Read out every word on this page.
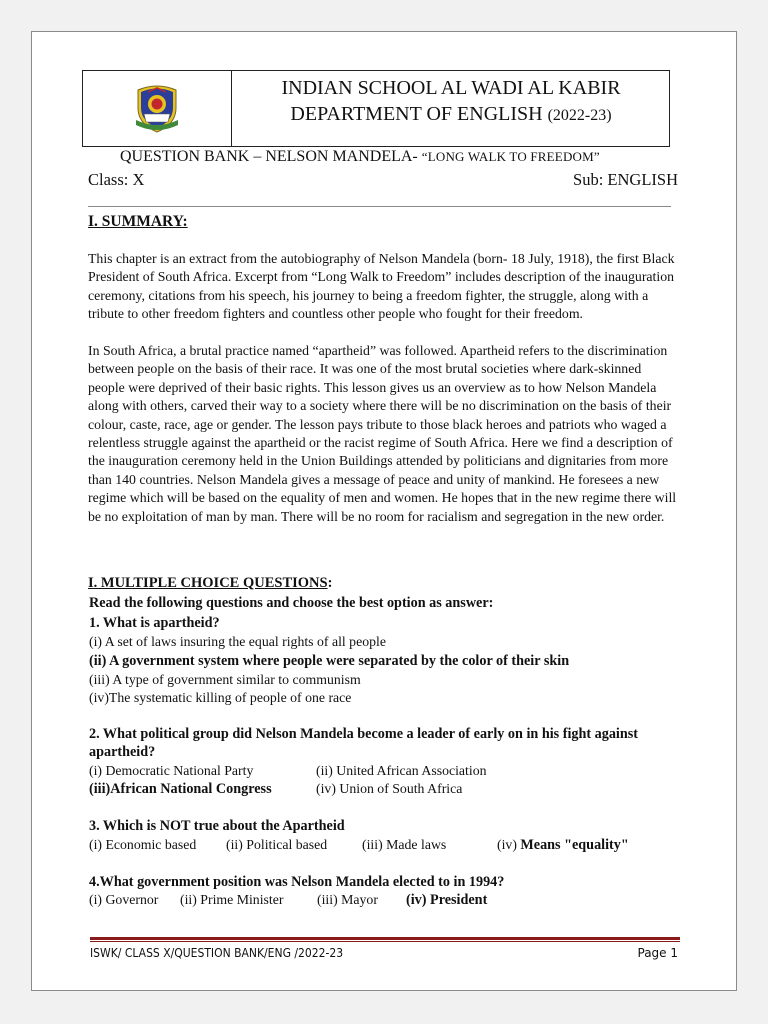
INDIAN SCHOOL AL WADI AL KABIR
DEPARTMENT OF ENGLISH (2022-23)
QUESTION BANK – NELSON MANDELA- “LONG WALK TO FREEDOM”
Class: X	Sub: ENGLISH
I. SUMMARY:

This chapter is an extract from the autobiography of Nelson Mandela (born- 18 July, 1918), the first Black President of South Africa. Excerpt from “Long Walk to Freedom” includes description of the inauguration ceremony, citations from his speech, his journey to being a freedom fighter, the struggle, along with a tribute to other freedom fighters and countless other people who fought for their freedom.

In South Africa, a brutal practice named “apartheid” was followed. Apartheid refers to the discrimination between people on the basis of their race. It was one of the most brutal societies where dark-skinned people were deprived of their basic rights. This lesson gives us an overview as to how Nelson Mandela along with others, carved their way to a society where there will be no discrimination on the basis of their colour, caste, race, age or gender. The lesson pays tribute to those black heroes and patriots who waged a relentless struggle against the apartheid or the racist regime of South Africa. Here we find a description of the inauguration ceremony held in the Union Buildings attended by politicians and dignitaries from more than 140 countries. Nelson Mandela gives a message of peace and unity of mankind. He foresees a new regime which will be based on the equality of men and women. He hopes that in the new regime there will be no exploitation of man by man. There will be no room for racialism and segregation in the new order.

I. MULTIPLE CHOICE QUESTIONS:
Read the following questions and choose the best option as answer:
1. What is apartheid?
(i) A set of laws insuring the equal rights of all people
(ii) A government system where people were separated by the color of their skin
(iii) A type of government similar to communism
(iv)The systematic killing of people of one race
2. What political group did Nelson Mandela become a leader of early on in his fight against
apartheid?
(i) Democratic National Party	(ii) United African Association
(iii)African National Congress	(iv) Union of South Africa
3. Which is NOT true about the Apartheid
(i) Economic based (ii) Political based	(iii) Made laws	(iv) Means "equality"
4.What government position was Nelson Mandela elected to in 1994?
(i) Governor (ii) Prime Minister (iii) Mayor (iv) President
ISWK/ CLASS X/QUESTION BANK/ENG /2022-23	Page 1
